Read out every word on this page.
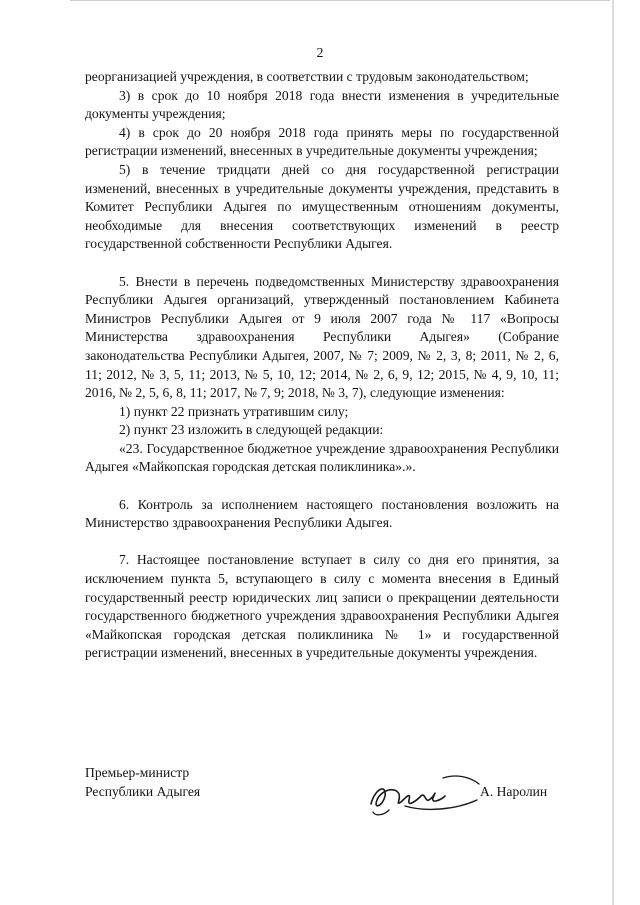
2

реорганизацией учреждения, в соответствии с трудовым законодательством;

3) в срок до 10 ноября 2018 года внести изменения в учредительные документы учреждения;

4) в срок до 20 ноября 2018 года принять меры по государственной регистрации изменений, внесенных в учредительные документы учреждения;

5) в течение тридцати дней со дня государственной регистрации изменений, внесенных в учредительные документы учреждения, представить в Комитет Республики Адыгея по имущественным отношениям документы, необходимые для внесения соответствующих изменений в реестр государственной собственности Республики Адыгея.

5. Внести в перечень подведомственных Министерству здравоохранения Республики Адыгея организаций, утвержденный постановлением Кабинета Министров Республики Адыгея от 9 июля 2007 года № 117 «Вопросы Министерства здравоохранения Республики Адыгея» (Собрание законодательства Республики Адыгея, 2007, № 7; 2009, № 2, 3, 8; 2011, № 2, 6, 11; 2012, № 3, 5, 11; 2013, № 5, 10, 12; 2014, № 2, 6, 9, 12; 2015, № 4, 9, 10, 11; 2016, № 2, 5, 6, 8, 11; 2017, № 7, 9; 2018, № 3, 7), следующие изменения:

1) пункт 22 признать утратившим силу;

2) пункт 23 изложить в следующей редакции:

«23. Государственное бюджетное учреждение здравоохранения Республики Адыгея «Майкопская городская детская поликлиника».».

6. Контроль за исполнением настоящего постановления возложить на Министерство здравоохранения Республики Адыгея.

7. Настоящее постановление вступает в силу со дня его принятия, за исключением пункта 5, вступающего в силу с момента внесения в Единый государственный реестр юридических лиц записи о прекращении деятельности государственного бюджетного учреждения здравоохранения Республики Адыгея «Майкопская городская детская поликлиника № 1» и государственной регистрации изменений, внесенных в учредительные документы учреждения.

Премьер-министр
Республики Адыгея	А. Наролин
